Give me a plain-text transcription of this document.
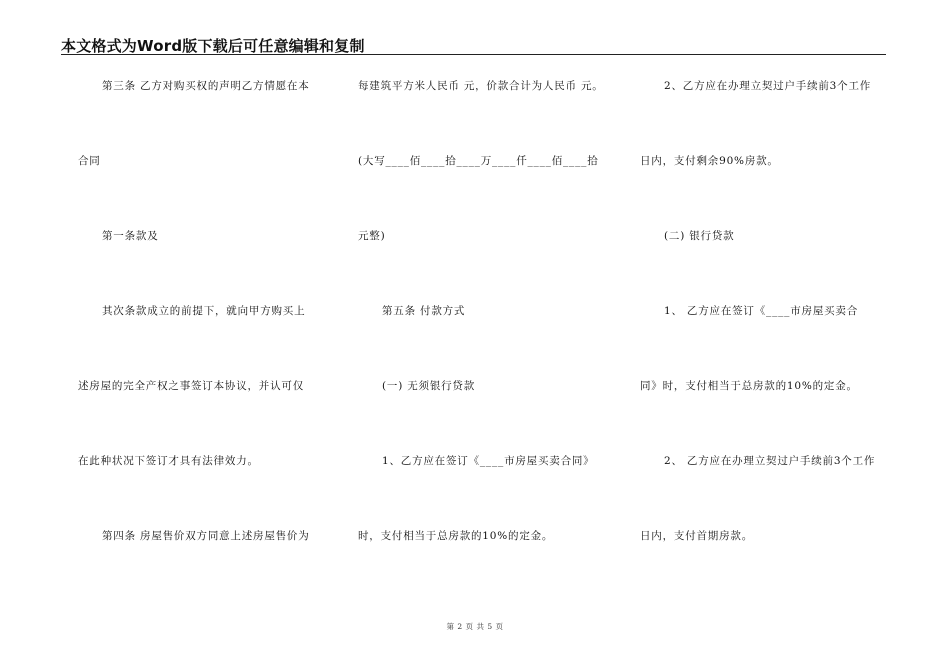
本文格式为Word版下载后可任意编辑和复制
第三条 乙方对购买权的声明乙方情愿在本
合同
第一条款及
其次条款成立的前提下，就向甲方购买上
述房屋的完全产权之事签订本协议，并认可仅
在此种状况下签订才具有法律效力。
第四条 房屋售价双方同意上述房屋售价为
每建筑平方米人民币 元，价款合计为人民币 元。
(大写____佰____拾____万____仟____佰____拾
元整)
第五条 付款方式
(一) 无须银行贷款
1、乙方应在签订《____市房屋买卖合同》
时，支付相当于总房款的10%的定金。
2、乙方应在办理立契过户手续前3个工作
日内，支付剩余90%房款。
(二) 银行贷款
1、 乙方应在签订《____市房屋买卖合
同》时，支付相当于总房款的10%的定金。
2、 乙方应在办理立契过户手续前3个工作
日内，支付首期房款。
第 2 页 共 5 页
